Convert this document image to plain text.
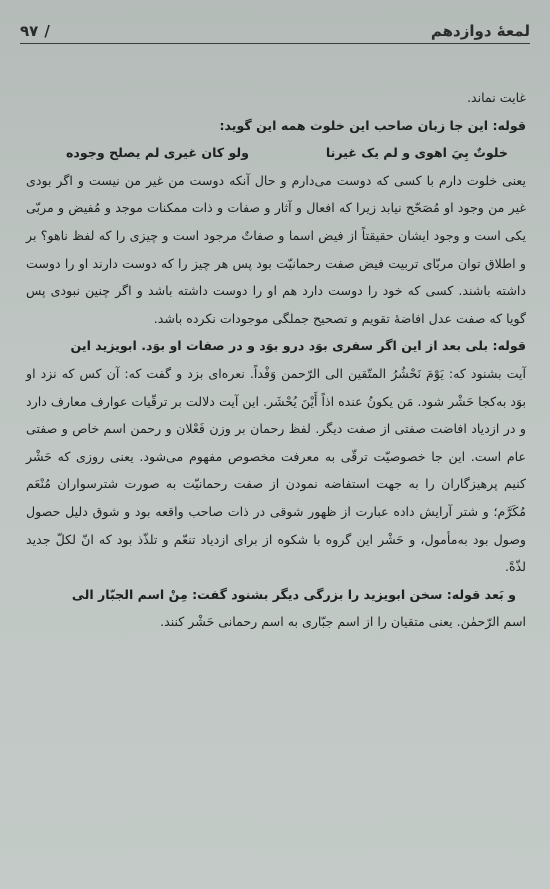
لمعهٔ دوازدهم
/
۹۷

غایت نماند.

قوله: این جا زبان صاحب این خلوت همه این گوید:

خلوتٌ بِيَ اهوى و لم يک غيرنا
ولو كان غیری لم يصلح وجوده

یعنی خلوت دارم با کسی که دوست می‌دارم و حال آنکه دوست من غیر من نیست و اگر بودی غیر من وجود او مُصَحّح نیابد زیرا که افعال و آثار و صفات و ذات ممکنات موجد و مُفیض و مربّی یکی است و وجود ایشان حقیقتاً از فیض اسما و صفاتٌ مرجود است و چیزی را که لفظ ناهو؟ بر و اطلاق توان مربّای تربیت فیض صفت رحمانیّت بود پس هر چیز را که دوست دارند او را دوست داشته باشند. کسی که خود را دوست دارد هم او را دوست داشته باشد و اگر چنین نبودی پس گویا که صفت عدل افاضهٔ تقویم و تصحیح جملگی موجودات نکرده باشد.

قوله: بلی بعد از این اگر سفری بوَد درو بوَد و در صفات او بوَد. ابویزید این

آیت بشنود که: یَوْمَ نَحْشُرُ المتّقین الی الرّحمن وَفْداً. نعره‌ای بزد و گفت که: آن کس که نزد او بوَد به‌کجا حَشْر شود. مَن یکونُ عنده اذاً أَیْنَ یُحْشَر. این آیت دلالت بر ترقّیات عوارف معارف دارد و در ازدیاد افاضت صفتی از صفت دیگر. لفظ رحمان بر وزن فَعْلان و رحمن اسم خاص و صفتی عام است. این جا خصوصیّت ترقّی به معرفت مخصوص مفهوم می‌شود. یعنی روزی که حَشْر کنیم پرهیزگاران را به جهت استفاضه نمودن از صفت رحمانیّت به صورت شترسواران مُنْعَم مُکَرَّم؛ و شتر آرایش داده عبارت از ظهور شوقی در ذات صاحب واقعه بود و شوق دلیل حصول وصول بود به‌مأمول، و حَشْر این گروه با شکوه از برای ازدیاد تنعّم و تلذّذ بود که انّ لکلّ جدید لذّةً.

و بَعد قوله: سخن ابویزید را بزرگی دیگر بشنود گفت: مِنْ اسم الجبّار الی

اسم الرّحمٰن. یعنی متقیان را از اسم جبّاری به اسم رحمانی حَشْر کنند.
